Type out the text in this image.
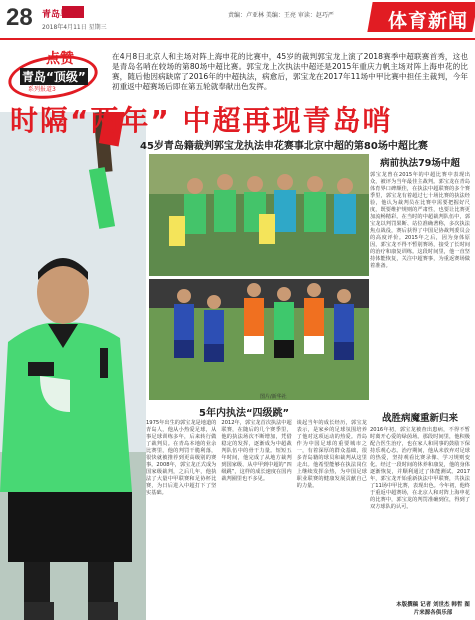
28 青岛早报
2018年4月11日 星期三
责编：卢亚林 美编：王亮 审读：赵巧严	体育新闻
点赞
青岛“顶级”
系列报道3
在4月8日北京人和主场对阵上海申花的比赛中，45岁的裁判郭宝龙上演了2018赛季中超联赛首秀，这也是青岛名哨在较场的第80场中超比赛。郭宝龙上次执法中超还是2015年重庆力帆主场对阵上海申花的比赛，随后他因病缺席了2016年的中超执法，病愈后，郭宝龙在2017年11场中甲比赛中担任主裁判，今年初重返中超赛场后即在第五轮就奉献出色发挥。
时隔“两年” 中超再现青岛哨
45岁青岛籍裁判郭宝龙执法申花赛事北京中超的第80场中超比赛
图片/新华社
病前执法79场中超
郭宝龙曾在2015年的中超比赛中表现出众，被评为当年最佳主裁判。郭宝龙在青岛体育界口碑颇佳，在执法中超联赛的多个赛季里，郭宝龙有着超过七十场比赛的执法经验，他认为裁判员在比赛中需要把握好尺度，既要维护规则的严肃性，也要让比赛更加流畅精彩。在当时的中超裁判队伍中，郭宝龙以判罚果断、站位准确著称，多次执法焦点战役，赛后获得了中国足协裁判委员会的高度评价。2015年之后，因为身体原因，郭宝龙不得不暂别赛场，接受了长时间的治疗和康复训练。这段时间里，他一直坚持体能恢复，关注中超赛事，为重返赛场做着准备。
5年内执法“四级跳”
1975年出生的郭宝龙是地道的青岛人，他从小热爱足球，从事足球训练多年，后来转行做了裁判员。在青岛本地的业余比赛里，他的判罚干脆利落，很快就被推荐到更高级别的赛事。2008年，郭宝龙正式成为国家级裁判，之后几年，他执法了大量中甲联赛和足协杯比赛，为日后进入中超打下了坚实基础。
2012年，郭宝龙首次执法中超联赛，在随后的几个赛季里，他的执法场次不断增加，凭借稳定的发挥，逐渐成为中超裁判队伍中的骨干力量。短短五年时间，他完成了从地方裁判到国家级、从中甲到中超的“四级跳”，这样的成长速度在国内裁判圈里也不多见。
谈起当年的成长经历，郭宝龙表示，是家乡的足球氛围培养了他对这项运动的热爱。青岛作为中国足球的重要城市之一，有着深厚的群众基础，很多青岛籍的球员和裁判从这里走出。他希望能够在执法岗位上继续发挥余热，为中国足球职业联赛的健康发展贡献自己的力量。
战胜病魔重新归来
2016年初，郭宝龙被查出患病，不得不暂时离开心爱的绿茵场。那段时间里，他积极配合医生治疗，也在家人和同事的鼓励下保持乐观心态。治疗期间，他从未放弃对足球的热爱，坚持观看比赛录像、学习规则变化。经过一段时间的休养和康复，他的身体逐渐恢复，并顺利通过了体能测试。2017年，郭宝龙开始重新执法中甲联赛，共执法了11场中甲比赛，表现出色。今年初，他终于重返中超赛场，在北京人和对阵上海申花的比赛中，郭宝龙的判罚准确到位，得到了双方球队的认可。
本版撰稿 记者 刘世杰 韩哲 图片来源各俱乐部
